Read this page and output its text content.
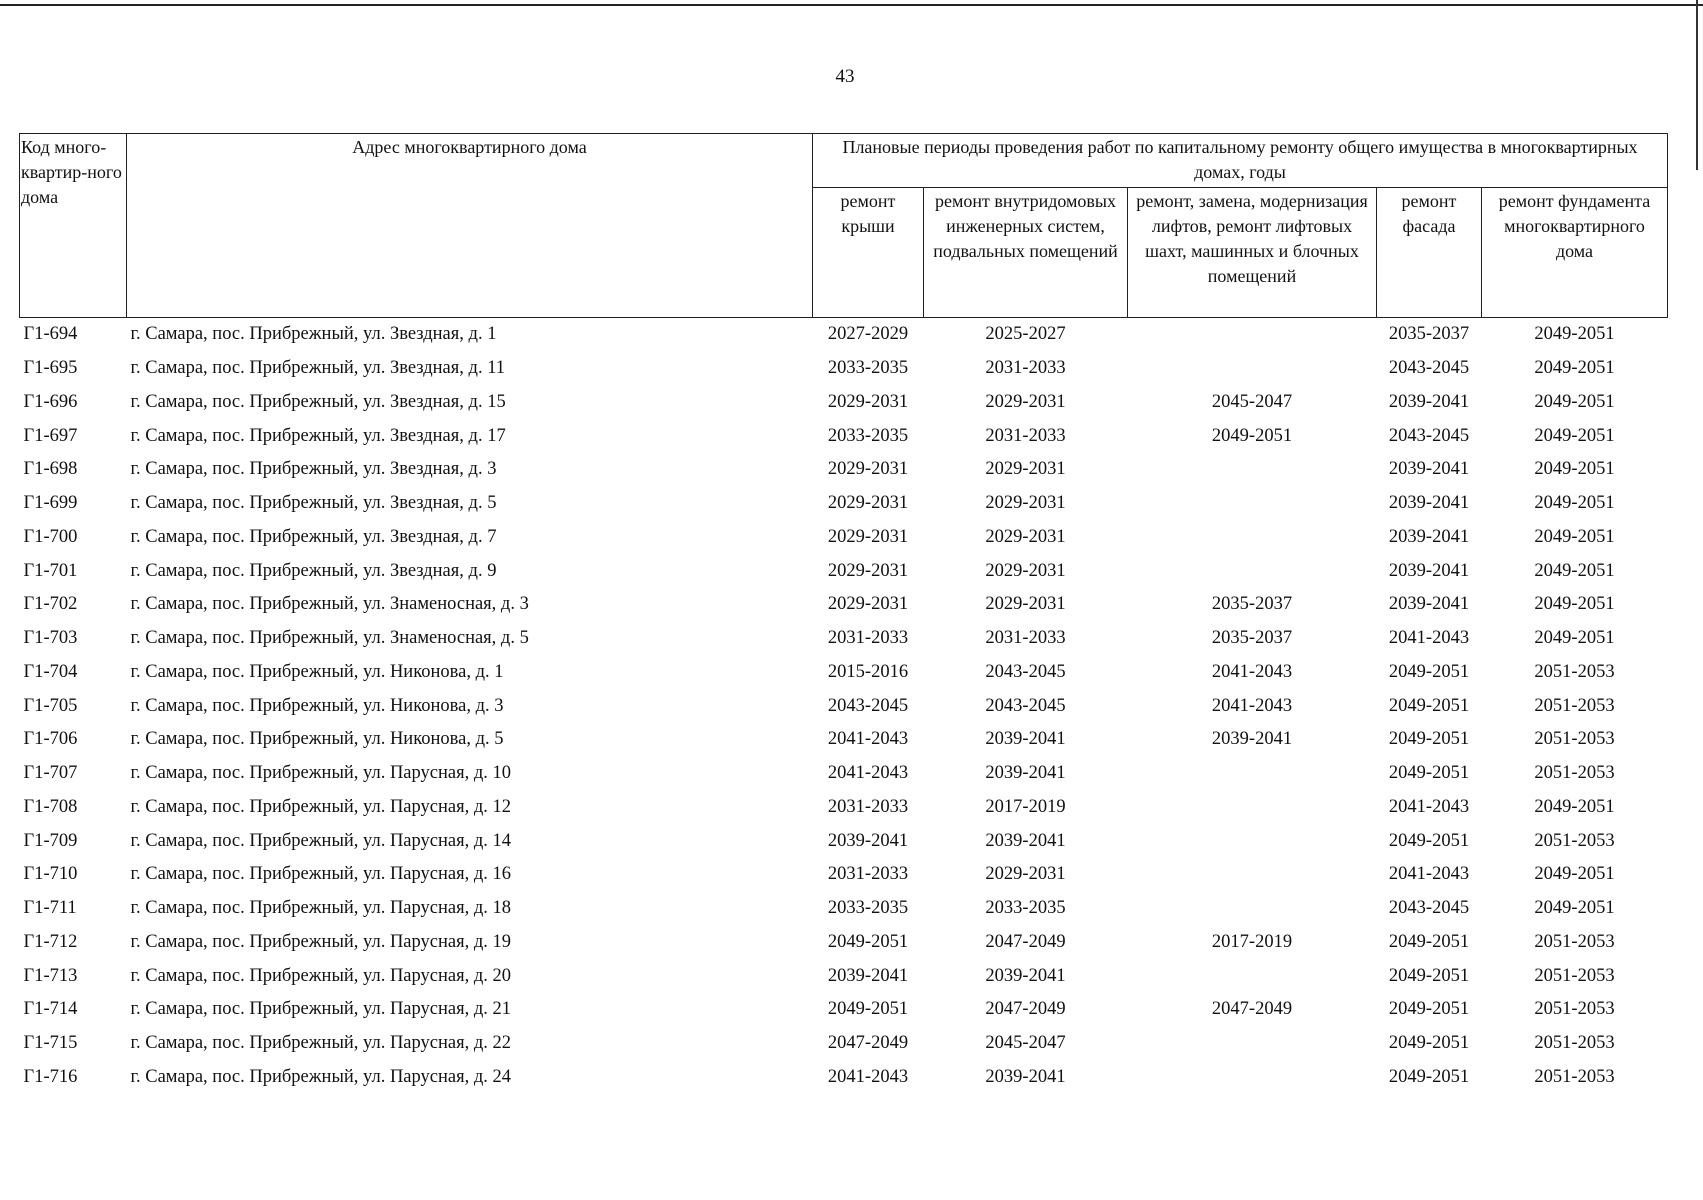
43
Код много-квартир-ного дома	Адрес многоквартирного дома	Плановые периоды проведения работ по капитальному ремонту общего имущества в многоквартирных домах, годы				
		ремонт крыши	ремонт внутридомовых инженерных систем, подвальных помещений	ремонт, замена, модернизация лифтов, ремонт лифтовых шахт, машинных и блочных помещений	ремонт фасада	ремонт фундамента многоквартирного дома
Г1-694	г. Самара, пос. Прибрежный, ул. Звездная, д. 1	2027-2029	2025-2027		2035-2037	2049-2051
Г1-695	г. Самара, пос. Прибрежный, ул. Звездная, д. 11	2033-2035	2031-2033		2043-2045	2049-2051
Г1-696	г. Самара, пос. Прибрежный, ул. Звездная, д. 15	2029-2031	2029-2031	2045-2047	2039-2041	2049-2051
Г1-697	г. Самара, пос. Прибрежный, ул. Звездная, д. 17	2033-2035	2031-2033	2049-2051	2043-2045	2049-2051
Г1-698	г. Самара, пос. Прибрежный, ул. Звездная, д. 3	2029-2031	2029-2031		2039-2041	2049-2051
Г1-699	г. Самара, пос. Прибрежный, ул. Звездная, д. 5	2029-2031	2029-2031		2039-2041	2049-2051
Г1-700	г. Самара, пос. Прибрежный, ул. Звездная, д. 7	2029-2031	2029-2031		2039-2041	2049-2051
Г1-701	г. Самара, пос. Прибрежный, ул. Звездная, д. 9	2029-2031	2029-2031		2039-2041	2049-2051
Г1-702	г. Самара, пос. Прибрежный, ул. Знаменосная, д. 3	2029-2031	2029-2031	2035-2037	2039-2041	2049-2051
Г1-703	г. Самара, пос. Прибрежный, ул. Знаменосная, д. 5	2031-2033	2031-2033	2035-2037	2041-2043	2049-2051
Г1-704	г. Самара, пос. Прибрежный, ул. Никонова, д. 1	2015-2016	2043-2045	2041-2043	2049-2051	2051-2053
Г1-705	г. Самара, пос. Прибрежный, ул. Никонова, д. 3	2043-2045	2043-2045	2041-2043	2049-2051	2051-2053
Г1-706	г. Самара, пос. Прибрежный, ул. Никонова, д. 5	2041-2043	2039-2041	2039-2041	2049-2051	2051-2053
Г1-707	г. Самара, пос. Прибрежный, ул. Парусная, д. 10	2041-2043	2039-2041		2049-2051	2051-2053
Г1-708	г. Самара, пос. Прибрежный, ул. Парусная, д. 12	2031-2033	2017-2019		2041-2043	2049-2051
Г1-709	г. Самара, пос. Прибрежный, ул. Парусная, д. 14	2039-2041	2039-2041		2049-2051	2051-2053
Г1-710	г. Самара, пос. Прибрежный, ул. Парусная, д. 16	2031-2033	2029-2031		2041-2043	2049-2051
Г1-711	г. Самара, пос. Прибрежный, ул. Парусная, д. 18	2033-2035	2033-2035		2043-2045	2049-2051
Г1-712	г. Самара, пос. Прибрежный, ул. Парусная, д. 19	2049-2051	2047-2049	2017-2019	2049-2051	2051-2053
Г1-713	г. Самара, пос. Прибрежный, ул. Парусная, д. 20	2039-2041	2039-2041		2049-2051	2051-2053
Г1-714	г. Самара, пос. Прибрежный, ул. Парусная, д. 21	2049-2051	2047-2049	2047-2049	2049-2051	2051-2053
Г1-715	г. Самара, пос. Прибрежный, ул. Парусная, д. 22	2047-2049	2045-2047		2049-2051	2051-2053
Г1-716	г. Самара, пос. Прибрежный, ул. Парусная, д. 24	2041-2043	2039-2041		2049-2051	2051-2053
